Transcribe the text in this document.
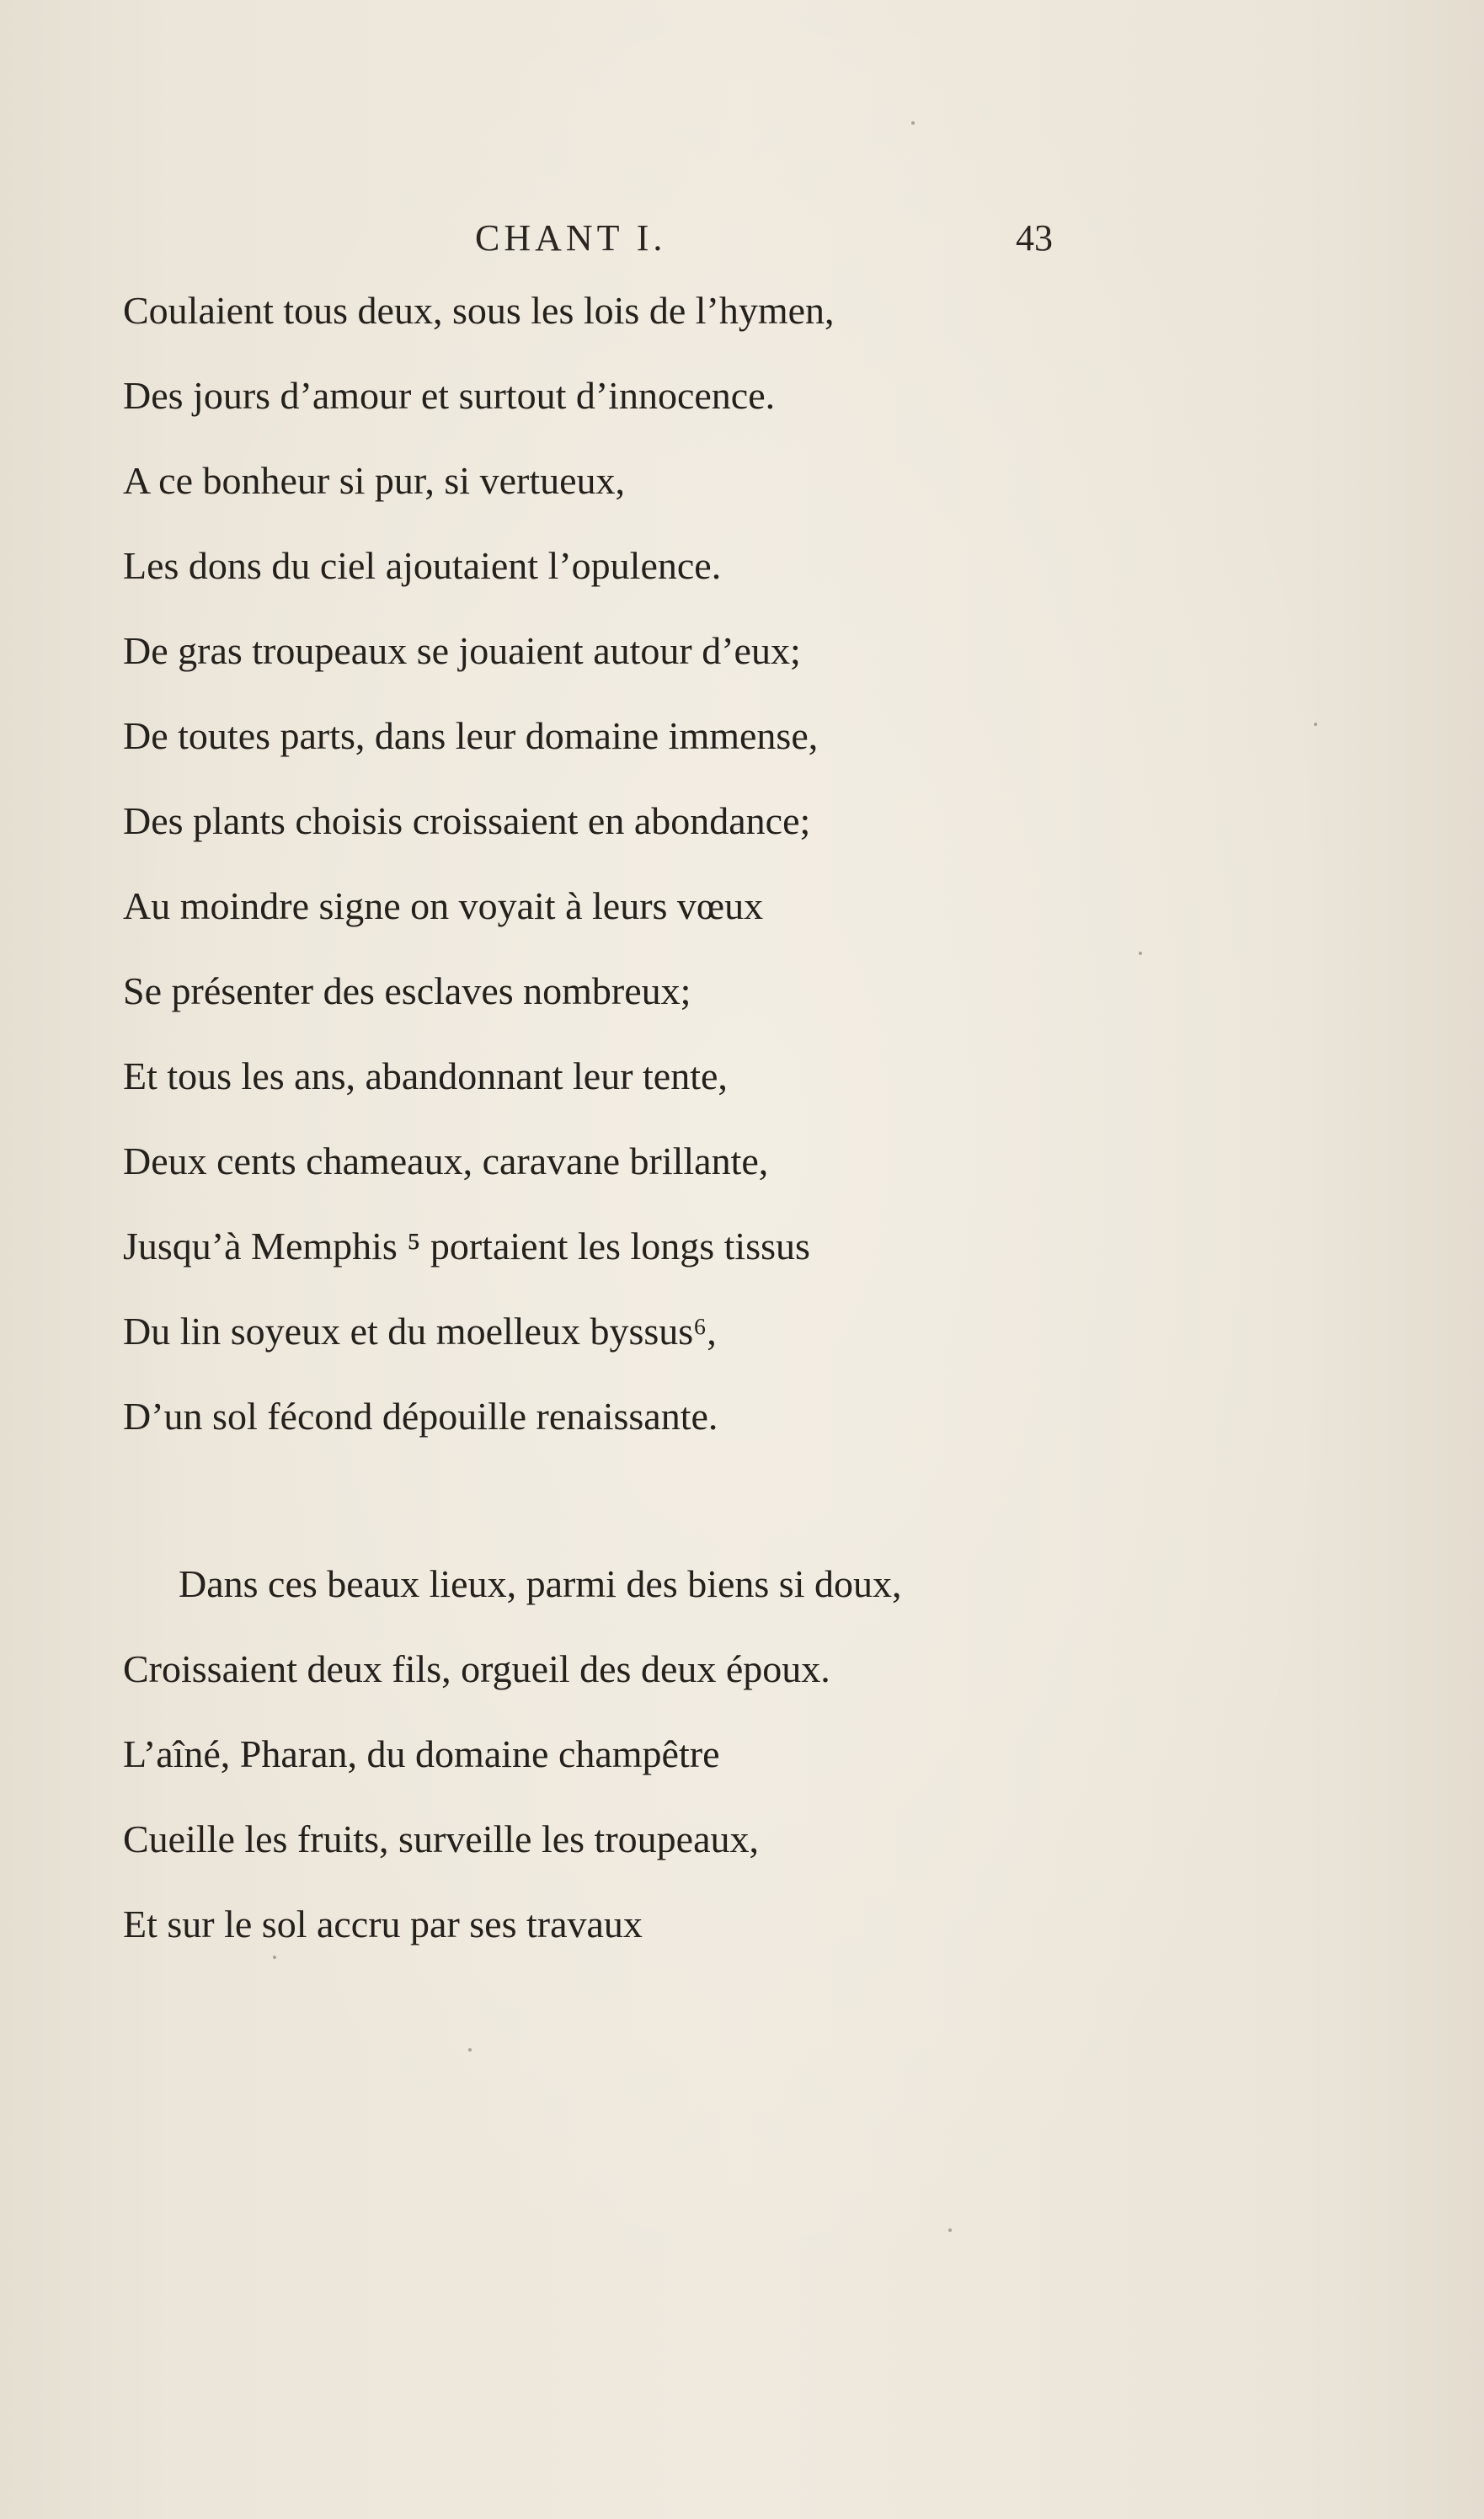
CHANT I.	43
Coulaient tous deux, sous les lois de l’hymen,
Des jours d’amour et surtout d’innocence.
A ce bonheur si pur, si vertueux,
Les dons du ciel ajoutaient l’opulence.
De gras troupeaux se jouaient autour d’eux;
De toutes parts, dans leur domaine immense,
Des plants choisis croissaient en abondance;
Au moindre signe on voyait à leurs vœux
Se présenter des esclaves nombreux;
Et tous les ans, abandonnant leur tente,
Deux cents chameaux, caravane brillante,
Jusqu’à Memphis ⁵ portaient les longs tissus
Du lin soyeux et du moelleux byssus⁶,
D’un sol fécond dépouille renaissante.
Dans ces beaux lieux, parmi des biens si doux,
Croissaient deux fils, orgueil des deux époux.
L’aîné, Pharan, du domaine champêtre
Cueille les fruits, surveille les troupeaux,
Et sur le sol accru par ses travaux
